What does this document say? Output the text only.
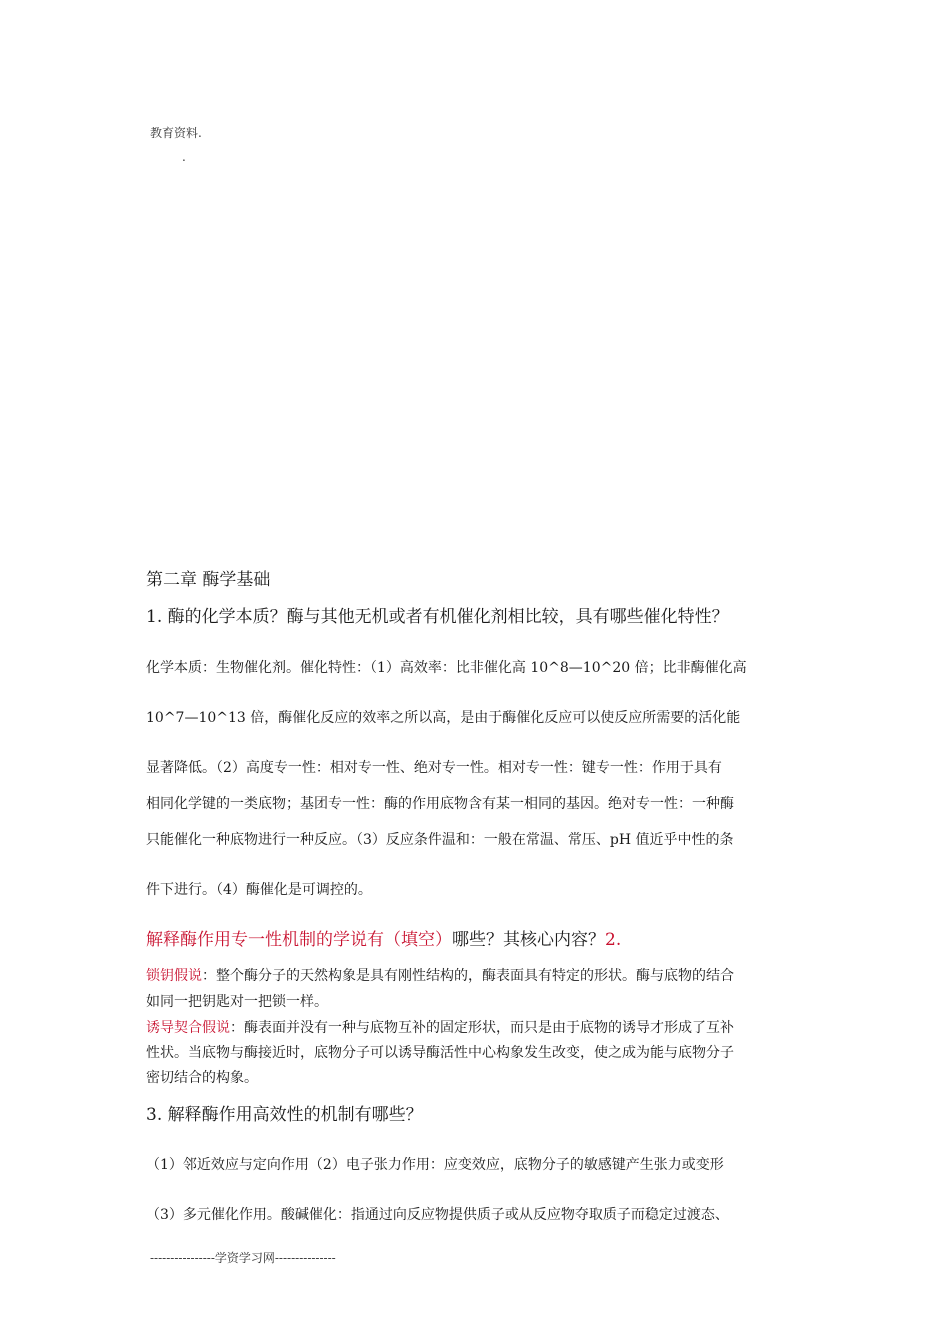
教育资料.
.
第二章 酶学基础
1. 酶的化学本质？酶与其他无机或者有机催化剂相比较，具有哪些催化特性？
化学本质：生物催化剂。催化特性：（1）高效率：比非催化高 10^8—10^20 倍；比非酶催化高
10^7—10^13 倍，酶催化反应的效率之所以高，是由于酶催化反应可以使反应所需要的活化能
显著降低。（2）高度专一性：相对专一性、绝对专一性。相对专一性：键专一性：作用于具有
相同化学键的一类底物；基团专一性：酶的作用底物含有某一相同的基因。绝对专一性：一种酶
只能催化一种底物进行一种反应。（3）反应条件温和：一般在常温、常压、pH 值近乎中性的条
件下进行。（4）酶催化是可调控的。
解释酶作用专一性机制的学说有（填空）哪些？其核心内容？2.
锁钥假说：整个酶分子的天然构象是具有刚性结构的，酶表面具有特定的形状。酶与底物的结合
如同一把钥匙对一把锁一样。
诱导契合假说：酶表面并没有一种与底物互补的固定形状，而只是由于底物的诱导才形成了互补
性状。当底物与酶接近时，底物分子可以诱导酶活性中心构象发生改变，使之成为能与底物分子
密切结合的构象。
3. 解释酶作用高效性的机制有哪些？
（1）邻近效应与定向作用（2）电子张力作用：应变效应，底物分子的敏感键产生张力或变形
（3）多元催化作用。酸碱催化：指通过向反应物提供质子或从反应物夺取质子而稳定过渡态、
----------------学资学习网---------------
